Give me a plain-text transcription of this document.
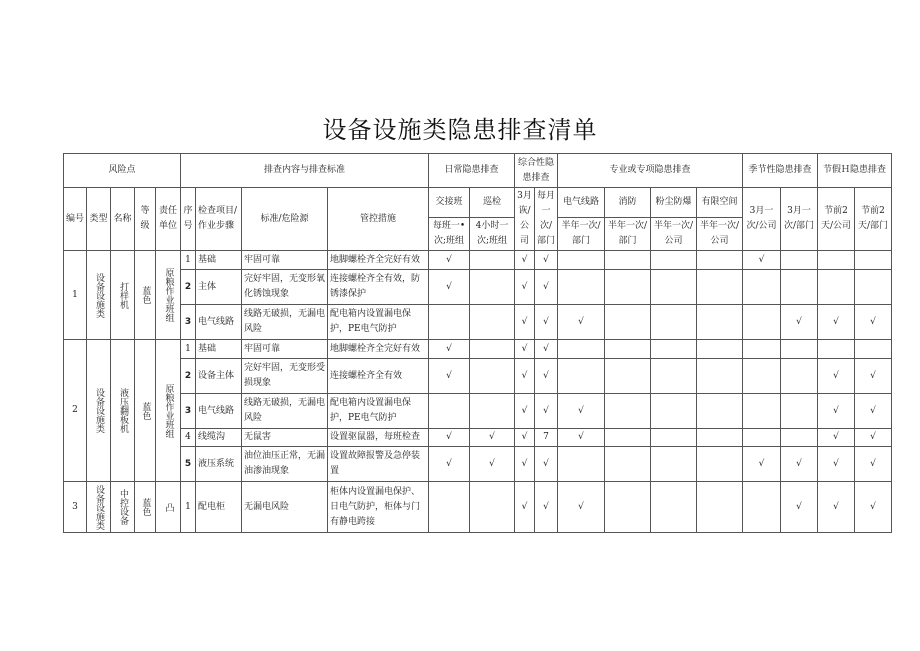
设备设施类隐患排查清单
风险点					排查内容与排查标准				日常隐患排查		综合性隐患排查		专业或专项隐患排查				季节性隐患排查		节假Ｈ隐患排查	
编号	类型	名称	等级	责任单位	序号	检查项目/作业步骤	标准/危险源	管控措施	交接班	巡检	3月诙/公司	每月一次/部门	电气线路	消防	粉尘防爆	有限空间	3月一次/公司	3月一次/部门	节前2天/公司	节前2天/部门
									每班一•次;班组	4小时一次;班组			半年一次/部门	半年一次/部门	半年一次/公司	半年一次/公司				
1	设备设施类	打样机	蓝色	原粮作业班组	1	基础	牢固可靠	地脚螺栓齐全完好有效	√		√	√					√			
					2	主体	完好牢固，无变形氧化锈蚀现象	连接螺栓齐全有效，防锈漆保护	√		√	√								
					3	电气线路	线路无破损，无漏电风险	配电箱内设置漏电保护，PE电气防护			√	√	√					√	√	√
2	设备设施类	液压翻板机	蓝色	原粮作业班组	1	基础	牢固可靠	地脚螺栓齐全完好有效	√		√	√								
					2	设备主体	完好牢固，无变形受损现象	连接螺栓齐全有效	√		√	√							√	√
					3	电气线路	线路无破损，无漏电风险	配电箱内设置漏电保护，PE电气防护			√	√	√						√	√
					4	线缆沟	无鼠害	设置驱鼠器，每班检查	√	√	√	7	√						√	√
					5	液压系统	油位油压正常，无漏油渗油现象	设置故障报警及急停装置	√	√	√	√					√	√	√	√
3	设备设施类	中控设备	蓝色	凸	1	配电柜	无漏电风险	柜体内设置漏电保护、日电气防护，柜体与门有静电跨接			√	√	√					√	√	√
